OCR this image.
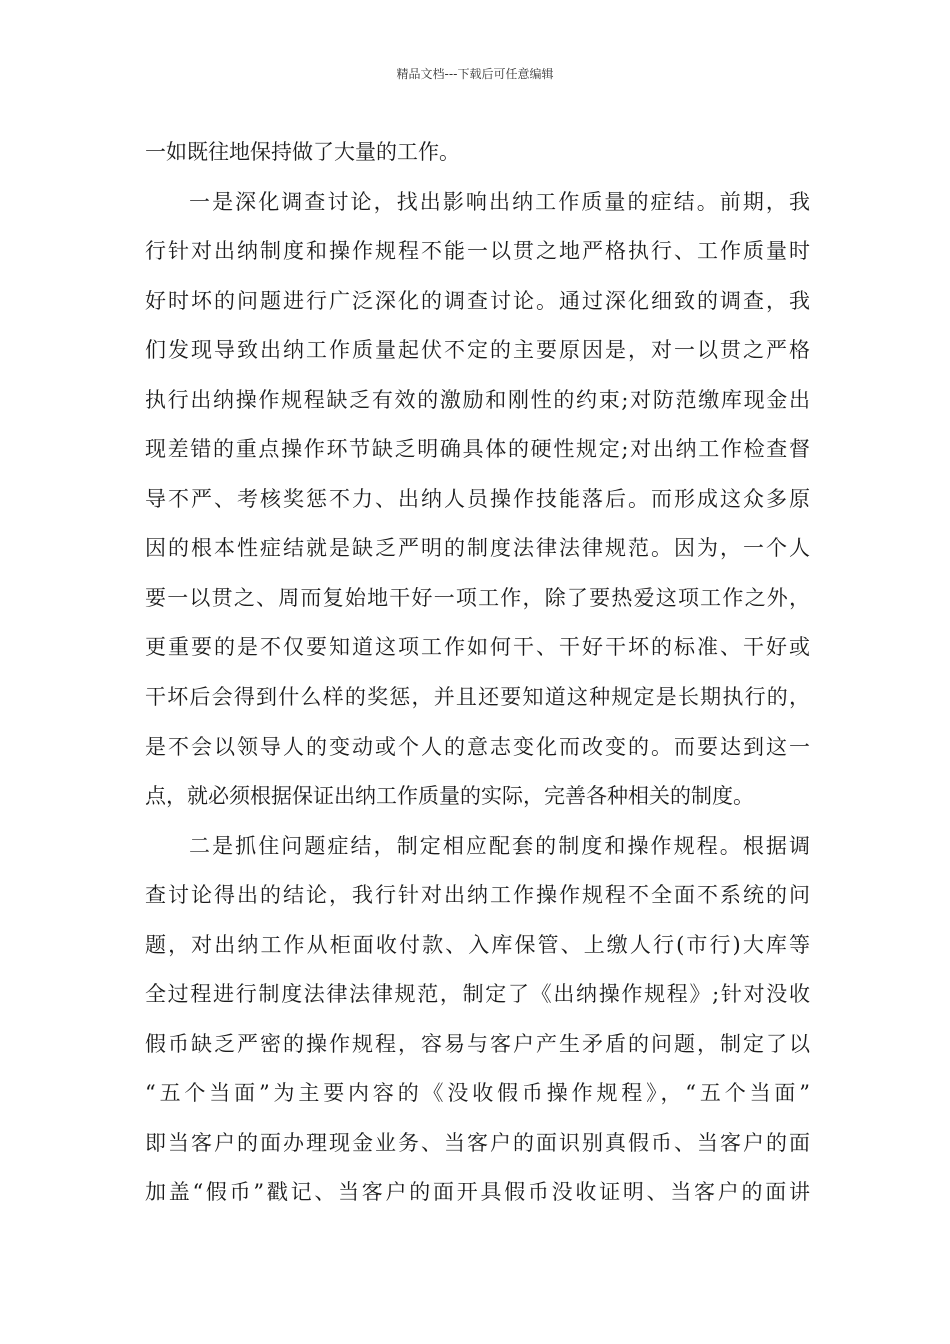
精品文档---下载后可任意编辑
一如既往地保持做了大量的工作。
一是深化调查讨论，找出影响出纳工作质量的症结。前期，我
行针对出纳制度和操作规程不能一以贯之地严格执行、工作质量时
好时坏的问题进行广泛深化的调查讨论。通过深化细致的调查，我
们发现导致出纳工作质量起伏不定的主要原因是，对一以贯之严格
执行出纳操作规程缺乏有效的激励和刚性的约束;对防范缴库现金出
现差错的重点操作环节缺乏明确具体的硬性规定;对出纳工作检查督
导不严、考核奖惩不力、出纳人员操作技能落后。而形成这众多原
因的根本性症结就是缺乏严明的制度法律法律规范。因为，一个人
要一以贯之、周而复始地干好一项工作，除了要热爱这项工作之外，
更重要的是不仅要知道这项工作如何干、干好干坏的标准、干好或
干坏后会得到什么样的奖惩，并且还要知道这种规定是长期执行的，
是不会以领导人的变动或个人的意志变化而改变的。而要达到这一
点，就必须根据保证出纳工作质量的实际，完善各种相关的制度。
二是抓住问题症结，制定相应配套的制度和操作规程。根据调
查讨论得出的结论，我行针对出纳工作操作规程不全面不系统的问
题，对出纳工作从柜面收付款、入库保管、上缴人行(市行)大库等
全过程进行制度法律法律规范，制定了《出纳操作规程》;针对没收
假币缺乏严密的操作规程，容易与客户产生矛盾的问题，制定了以
“五个当面”为主要内容的《没收假币操作规程》，“五个当面”
即当客户的面办理现金业务、当客户的面识别真假币、当客户的面
加盖“假币”戳记、当客户的面开具假币没收证明、当客户的面讲
